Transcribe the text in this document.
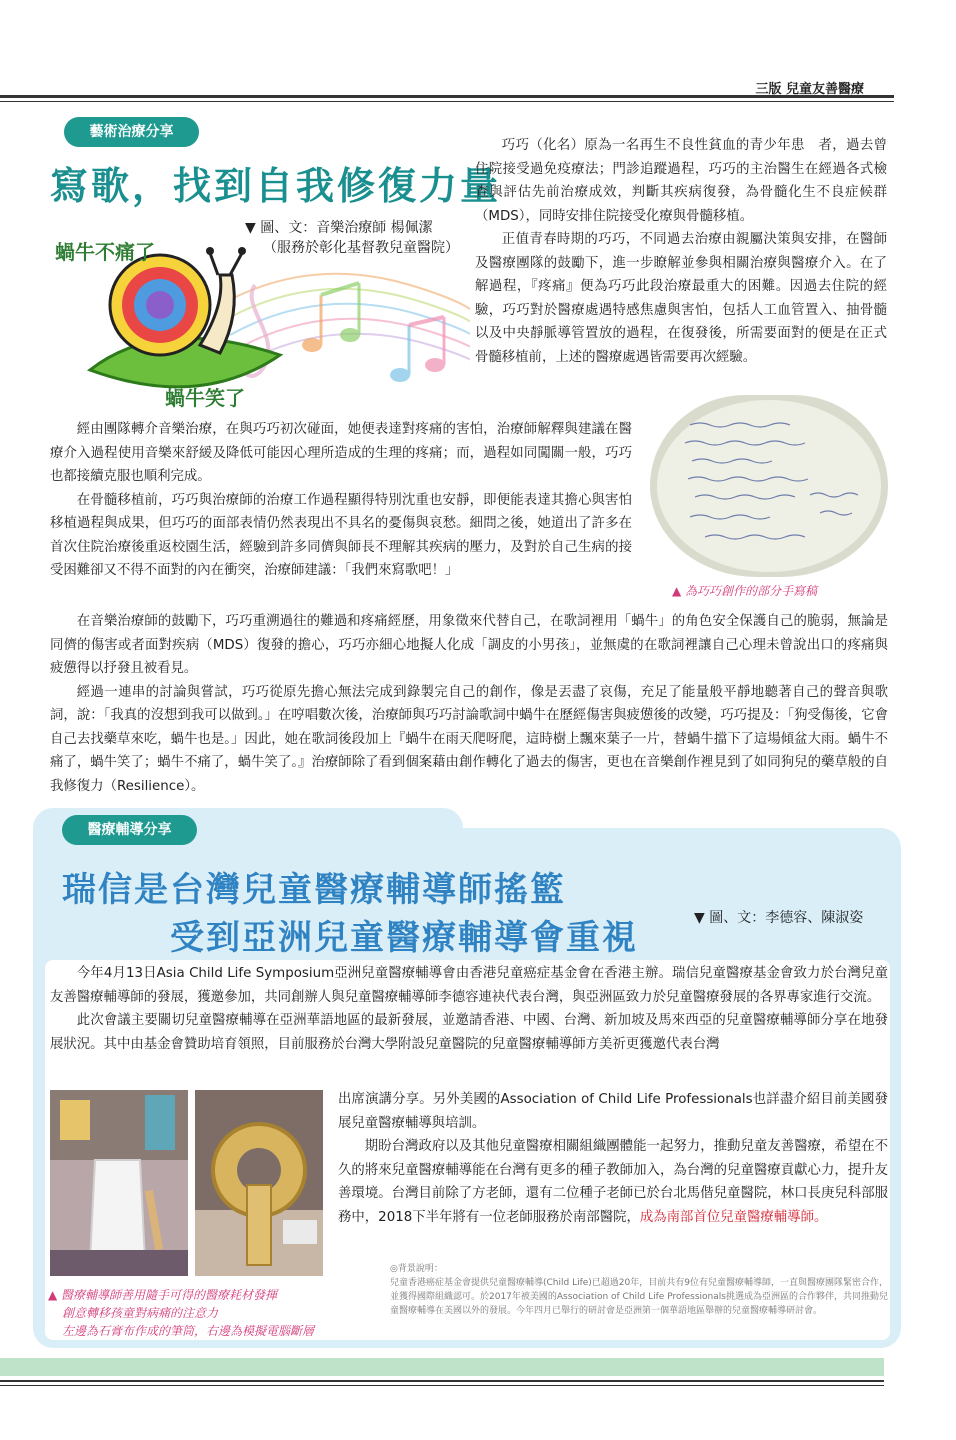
三版 兒童友善醫療
藝術治療分享
寫歌，找到自我修復力量
▼ 圖、文：音樂治療師 楊佩潔
（服務於彰化基督教兒童醫院）

巧巧（化名）原為一名再生不良性貧血的青少年患　者，過去曾住院接受過免疫療法；門診追蹤過程，巧巧的主治醫生在經過各式檢查與評估先前治療成效，判斷其疾病復發，為骨髓化生不良症候群（MDS），同時安排住院接受化療與骨髓移植。

正值青春時期的巧巧，不同過去治療由親屬決策與安排，在醫師及醫療團隊的鼓勵下，進一步瞭解並參與相關治療與醫療介入。在了解過程，『疼痛』便為巧巧此段治療最重大的困難。因過去住院的經驗，巧巧對於醫療處遇特感焦慮與害怕，包括人工血管置入、抽骨髓以及中央靜脈導管置放的過程，在復發後，所需要面對的便是在正式骨髓移植前，上述的醫療處遇皆需要再次經驗。

蝸牛不痛了
蝸牛笑了

經由團隊轉介音樂治療，在與巧巧初次碰面，她便表達對疼痛的害怕，治療師解釋與建議在醫療介入過程使用音樂來舒緩及降低可能因心理所造成的生理的疼痛；而，過程如同闖關一般，巧巧也都接續克服也順利完成。

在骨髓移植前，巧巧與治療師的治療工作過程顯得特別沈重也安靜，即便能表達其擔心與害怕移植過程與成果，但巧巧的面部表情仍然表現出不具名的憂傷與哀愁。細問之後，她道出了許多在首次住院治療後重返校園生活，經驗到許多同儕與師長不理解其疾病的壓力，及對於自己生病的接受困難卻又不得不面對的內在衝突，治療師建議：「我們來寫歌吧！」

▲ 為巧巧創作的部分手寫稿

在音樂治療師的鼓勵下，巧巧重溯過往的難過和疼痛經歷，用象徵來代替自己，在歌詞裡用「蝸牛」的角色安全保護自己的脆弱，無論是同儕的傷害或者面對疾病（MDS）復發的擔心，巧巧亦細心地擬人化成「調皮的小男孩」，並無虞的在歌詞裡讓自己心理未曾說出口的疼痛與疲憊得以抒發且被看見。

經過一連串的討論與嘗試，巧巧從原先擔心無法完成到錄製完自己的創作，像是丟盡了哀傷，充足了能量般平靜地聽著自己的聲音與歌詞，說：「我真的沒想到我可以做到。」在哼唱數次後，治療師與巧巧討論歌詞中蝸牛在歷經傷害與疲憊後的改變，巧巧提及：「狗受傷後，它會自己去找藥草來吃，蝸牛也是。」因此，她在歌詞後段加上『蝸牛在雨天爬呀爬，這時樹上飄來葉子一片，替蝸牛擋下了這場傾盆大雨。蝸牛不痛了，蝸牛笑了；蝸牛不痛了，蝸牛笑了。』治療師除了看到個案藉由創作轉化了過去的傷害，更也在音樂創作裡見到了如同狗兒的藥草般的自我修復力（Resilience）。

醫療輔導分享
瑞信是台灣兒童醫療輔導師搖籃
受到亞洲兒童醫療輔導會重視	▼ 圖、文：李德容、陳淑姿

今年4月13日Asia Child Life Symposium亞洲兒童醫療輔導會由香港兒童癌症基金會在香港主辦。瑞信兒童醫療基金會致力於台灣兒童友善醫療輔導師的發展，獲邀參加，共同創辦人與兒童醫療輔導師李德容連袂代表台灣，與亞洲區致力於兒童醫療發展的各界專家進行交流。

此次會議主要關切兒童醫療輔導在亞洲華語地區的最新發展，並邀請香港、中國、台灣、新加坡及馬來西亞的兒童醫療輔導師分享在地發展狀況。其中由基金會贊助培育領照，目前服務於台灣大學附設兒童醫院的兒童醫療輔導師方美祈更獲邀代表台灣

出席演講分享。另外美國的Association of Child Life Professionals也詳盡介紹目前美國發展兒童醫療輔導與培訓。

期盼台灣政府以及其他兒童醫療相關組織團體能一起努力，推動兒童友善醫療，希望在不久的將來兒童醫療輔導能在台灣有更多的種子教師加入，為台灣的兒童醫療貢獻心力，提升友善環境。台灣目前除了方老師，還有二位種子老師已於台北馬偕兒童醫院，林口長庚兒科部服務中，2018下半年將有一位老師服務於南部醫院，成為南部首位兒童醫療輔導師。

▲ 醫療輔導師善用隨手可得的醫療耗材發揮
創意轉移孩童對病痛的注意力
左邊為石膏布作成的筆筒，右邊為模擬電腦斷層
◎背景說明：
兒童香港癌症基金會提供兒童醫療輔導(Child Life)已超過20年，目前共有9位有兒童醫療輔導師，一直與醫療團隊緊密合作，並獲得國際組織認可。於2017年被美國的Association of Child Life Professionals挑選成為亞洲區的合作夥伴，共同推動兒童醫療輔導在美國以外的發展。今年四月已舉行的研討會是亞洲第一個華語地區舉辦的兒童醫療輔導研討會。
